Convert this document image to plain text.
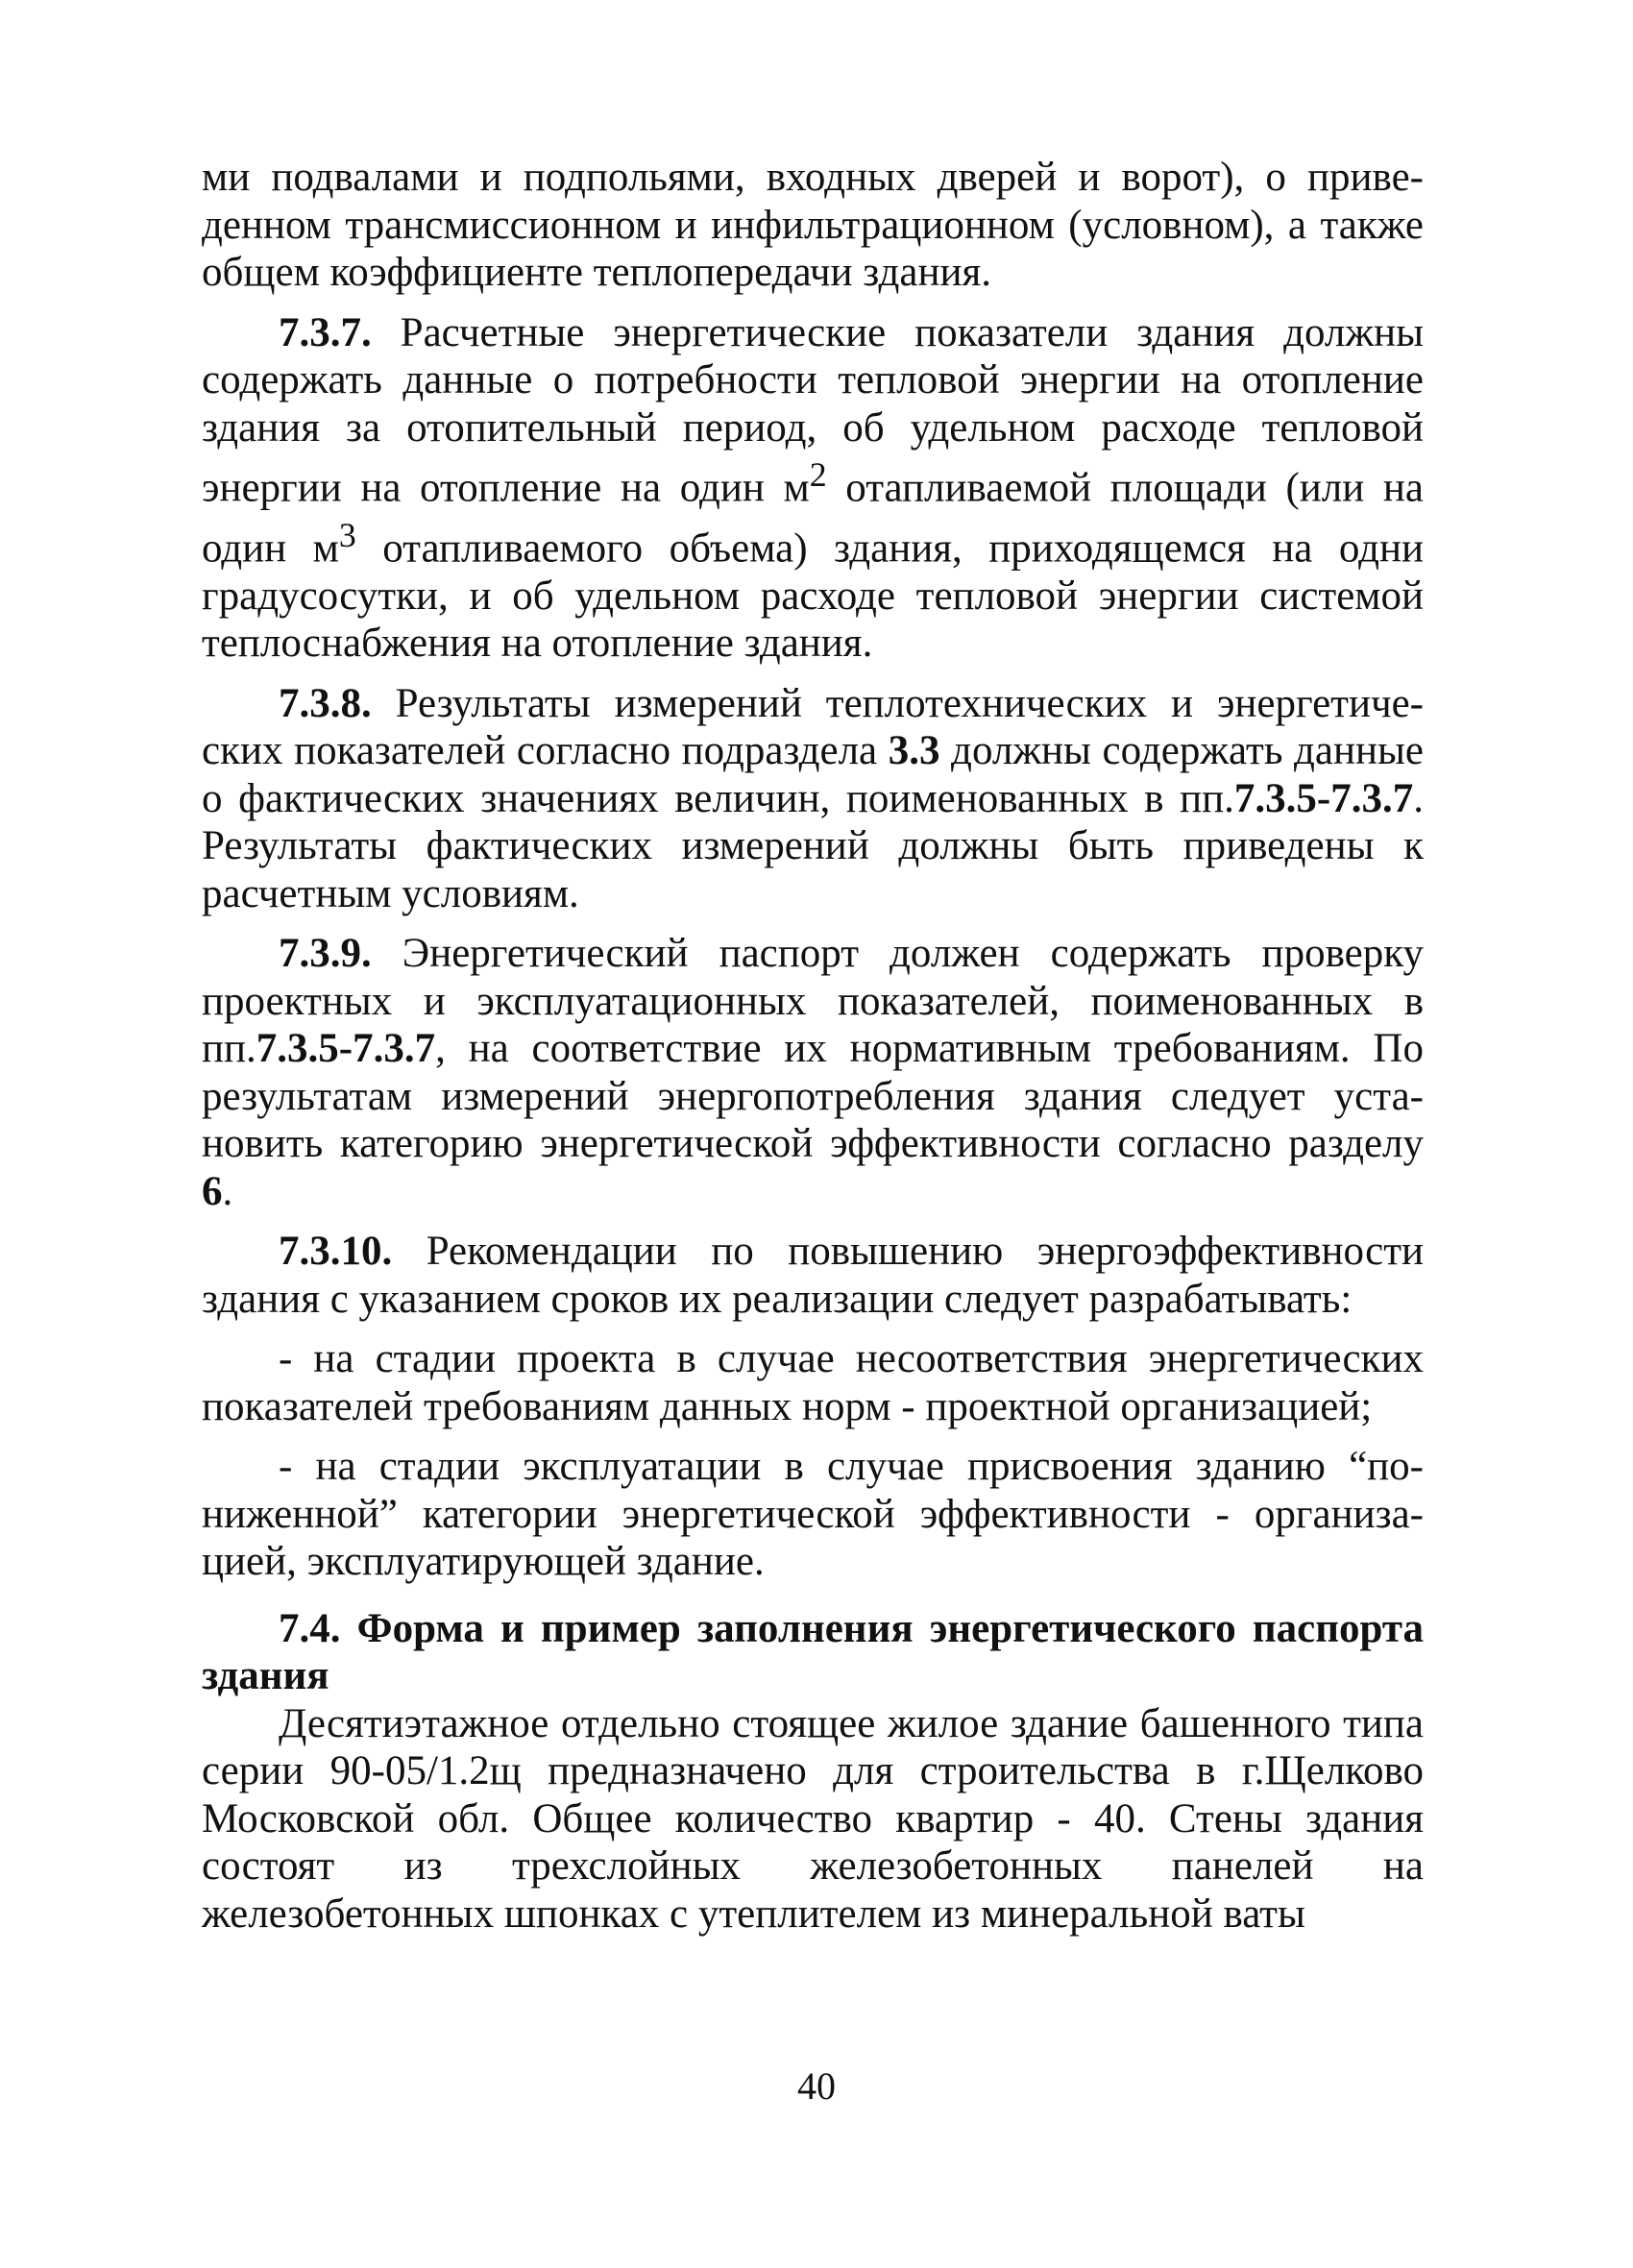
ми подвалами и подпольями, входных дверей и ворот), о приведенном трансмиссионном и инфильтрационном (условном), а также общем коэффициенте теплопередачи здания.

7.3.7. Расчетные энергетические показатели здания должны содержать данные о потребности тепловой энергии на отопление здания за отопительный период, об удельном расходе тепловой энергии на отопление на один $м^2$ отапливаемой площади (или на один $м^3$ отапливаемого объема) здания, приходящемся на одни градусосутки, и об удельном расходе тепловой энергии системой теплоснабжения на отопление здания.

7.3.8. Результаты измерений теплотехнических и энергетических показателей согласно подраздела 3.3 должны содержать данные о фактических значениях величин, поименованных в пп.7.3.5-7.3.7. Результаты фактических измерений должны быть приведены к расчетным условиям.

7.3.9. Энергетический паспорт должен содержать проверку проектных и эксплуатационных показателей, поименованных в пп.7.3.5-7.3.7, на соответствие их нормативным требованиям. По результатам измерений энергопотребления здания следует установить категорию энергетической эффективности согласно разделу 6.

7.3.10. Рекомендации по повышению энергоэффективности здания с указанием сроков их реализации следует разрабатывать:

- на стадии проекта в случае несоответствия энергетических показателей требованиям данных норм - проектной организацией;

- на стадии эксплуатации в случае присвоения зданию “пониженной” категории энергетической эффективности - организацией, эксплуатирующей здание.

7.4. Форма и пример заполнения энергетического паспорта здания

Десятиэтажное отдельно стоящее жилое здание башенного типа серии 90-05/1.2щ предназначено для строительства в г.Щелково Московской обл. Общее количество квартир - 40. Стены здания состоят из трехслойных железобетонных панелей на железобетонных шпонках с утеплителем из минеральной ваты

40
